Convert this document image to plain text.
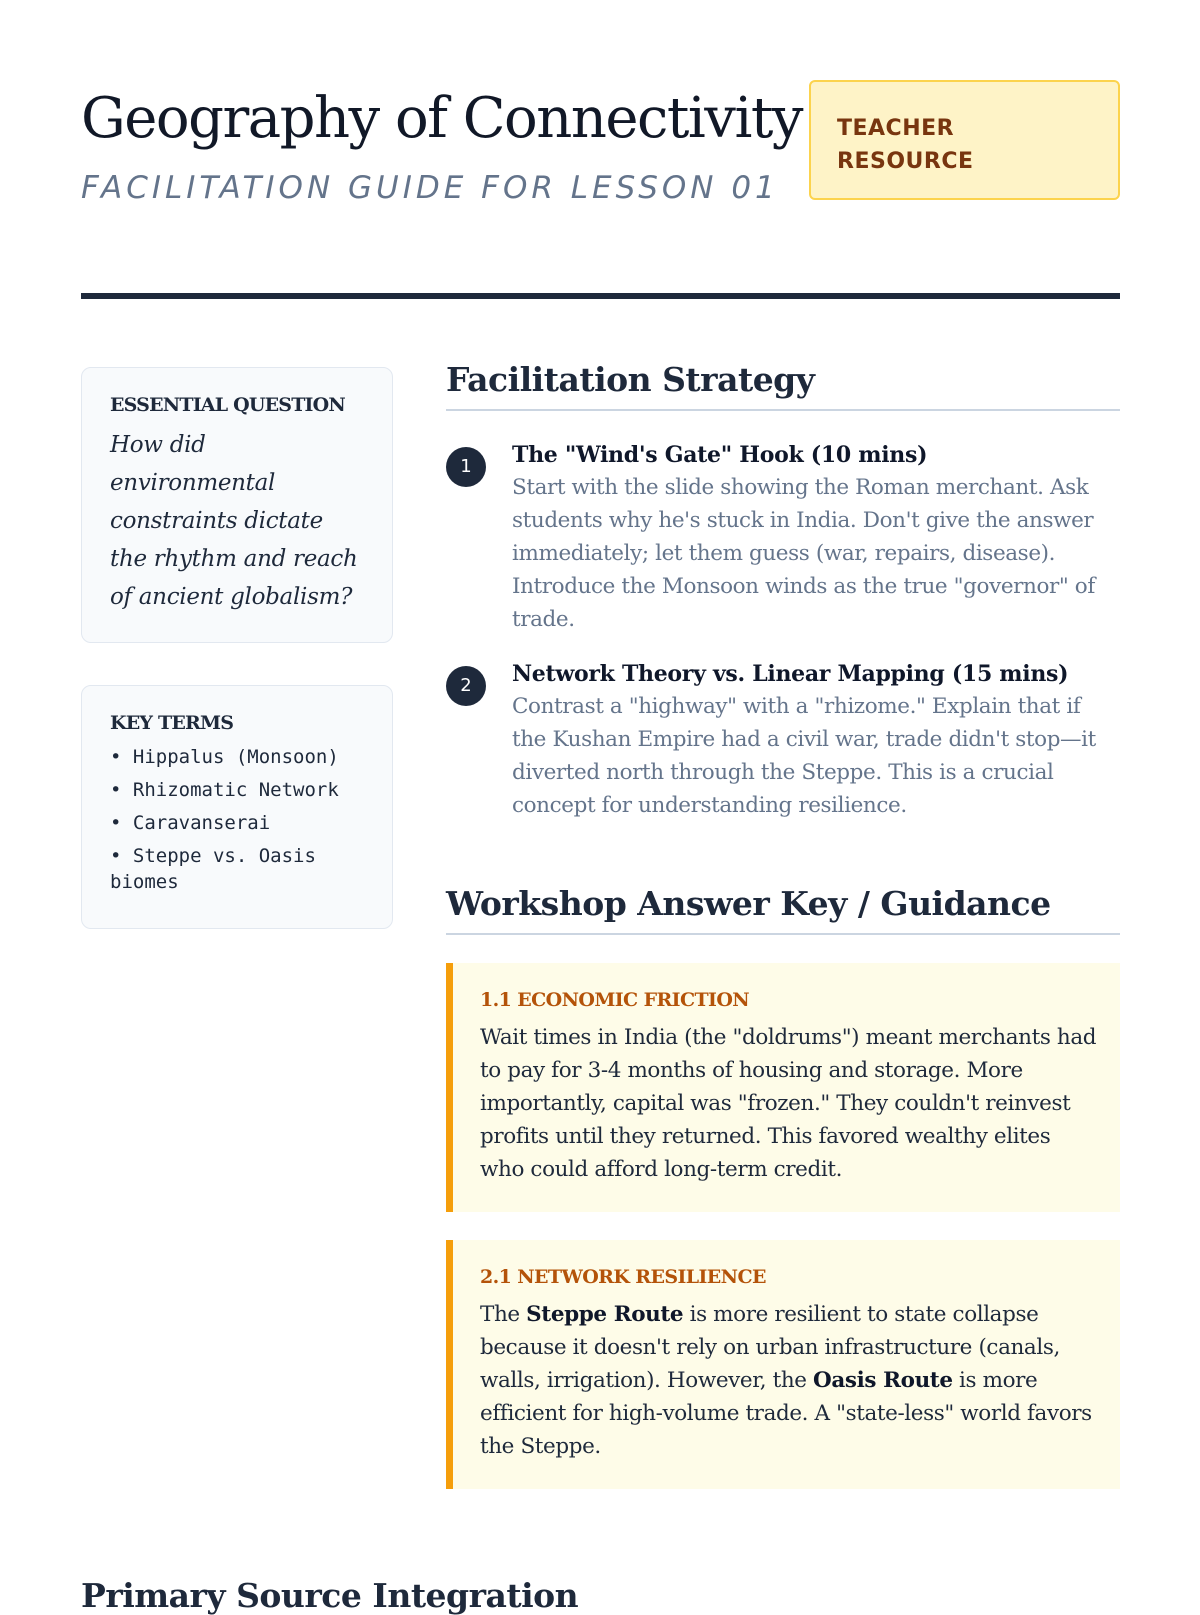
Geography of Connectivity
FACILITATION GUIDE FOR LESSON 01
TEACHER
RESOURCE
ESSENTIAL QUESTION

How did environmental constraints dictate the rhythm and reach of ancient globalism?

KEY TERMS
• Hippalus (Monsoon)
• Rhizomatic Network
• Caravanserai
• Steppe vs. Oasis biomes
Facilitation Strategy
1	The "Wind's Gate" Hook (10 mins)

Start with the slide showing the Roman merchant. Ask students why he's stuck in India. Don't give the answer immediately; let them guess (war, repairs, disease). Introduce the Monsoon winds as the true "governor" of trade.

2	Network Theory vs. Linear Mapping (15 mins)

Contrast a "highway" with a "rhizome." Explain that if the Kushan Empire had a civil war, trade didn't stop—it diverted north through the Steppe. This is a crucial concept for understanding resilience.

Workshop Answer Key / Guidance
1.1 ECONOMIC FRICTION

Wait times in India (the "doldrums") meant merchants had to pay for 3-4 months of housing and storage. More importantly, capital was "frozen." They couldn't reinvest profits until they returned. This favored wealthy elites who could afford long-term credit.

2.1 NETWORK RESILIENCE

The Steppe Route is more resilient to state collapse because it doesn't rely on urban infrastructure (canals, walls, irrigation). However, the Oasis Route is more efficient for high-volume trade. A "state-less" world favors the Steppe.

Primary Source Integration
